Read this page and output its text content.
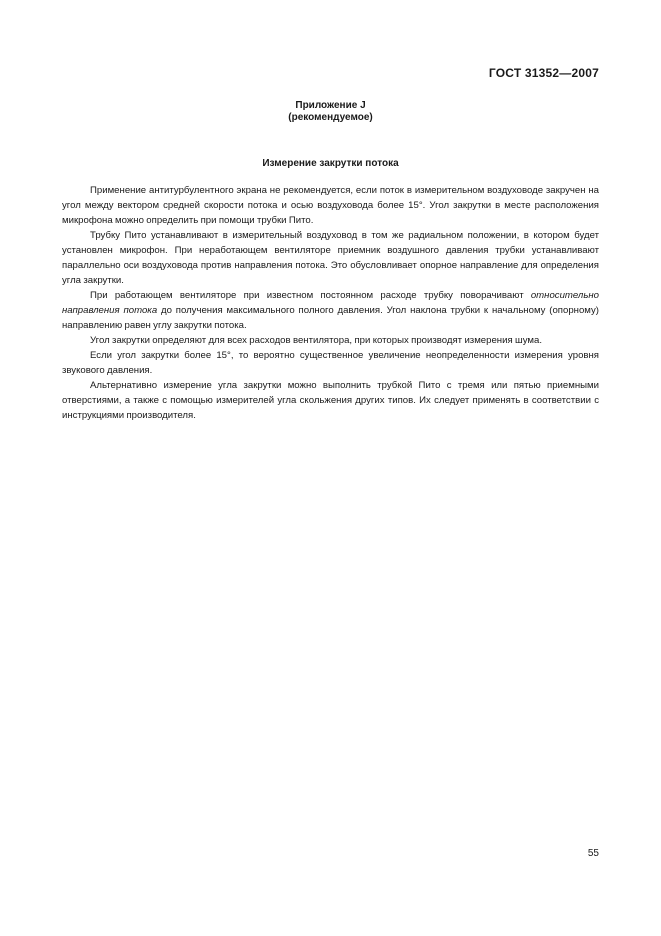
ГОСТ 31352—2007
Приложение J
(рекомендуемое)
Измерение закрутки потока

Применение антитурбулентного экрана не рекомендуется, если поток в измерительном воздуховоде закручен на угол между вектором средней скорости потока и осью воздуховода более 15°. Угол закрутки в месте расположения микрофона можно определить при помощи трубки Пито.

Трубку Пито устанавливают в измерительный воздуховод в том же радиальном положении, в котором будет установлен микрофон. При неработающем вентиляторе приемник воздушного давления трубки устанавливают параллельно оси воздуховода против направления потока. Это обусловливает опорное направление для определения угла закрутки.

При работающем вентиляторе при известном постоянном расходе трубку поворачивают относительно направления потока до получения максимального полного давления. Угол наклона трубки к начальному (опорному) направлению равен углу закрутки потока.

Угол закрутки определяют для всех расходов вентилятора, при которых производят измерения шума.

Если угол закрутки более 15°, то вероятно существенное увеличение неопределенности измерения уровня звукового давления.

Альтернативно измерение угла закрутки можно выполнить трубкой Пито с тремя или пятью приемными отверстиями, а также с помощью измерителей угла скольжения других типов. Их следует применять в соответствии с инструкциями производителя.

55
